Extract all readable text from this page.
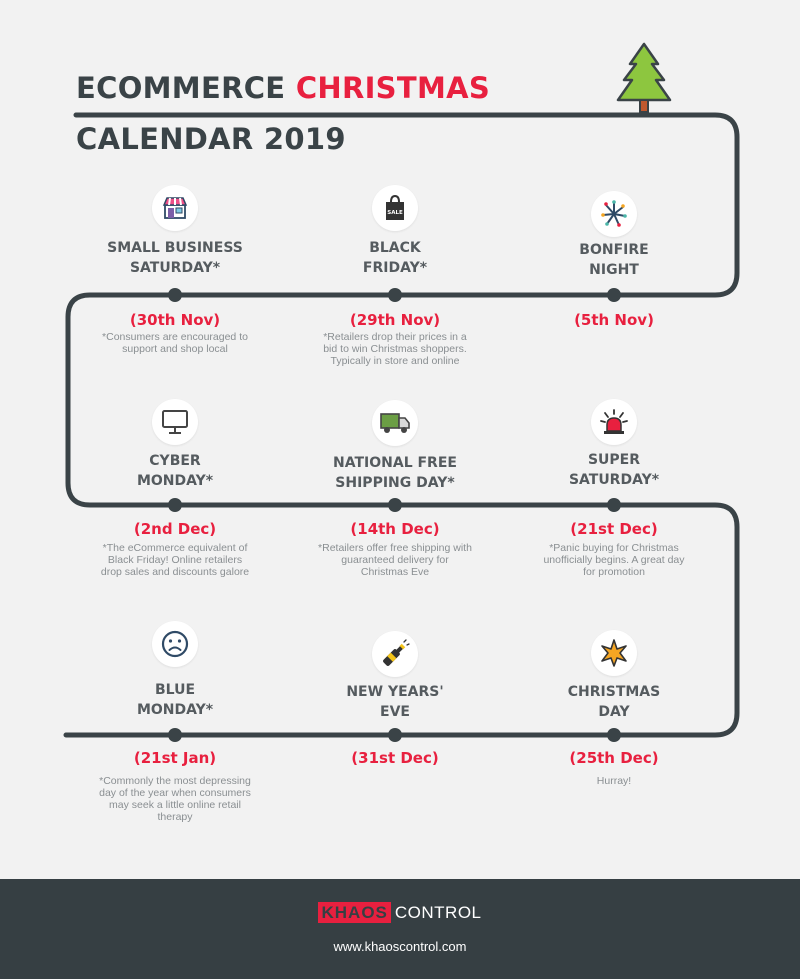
ECOMMERCE CHRISTMAS
CALENDAR 2019
SMALL BUSINESS
SATURDAY*
(30th Nov)
*Consumers are encouraged to
support and shop local
SALE
BLACK
FRIDAY*
(29th Nov)
*Retailers drop their prices in a
bid to win Christmas shoppers.
Typically in store and online
BONFIRE
NIGHT
(5th Nov)
CYBER
MONDAY*
(2nd Dec)
*The eCommerce equivalent of
Black Friday! Online retailers
drop sales and discounts galore
NATIONAL FREE
SHIPPING DAY*
(14th Dec)
*Retailers offer free shipping with
guaranteed delivery for
Christmas Eve
SUPER
SATURDAY*
(21st Dec)
*Panic buying for Christmas
unofficially begins. A great day
for promotion
BLUE
MONDAY*
(21st Jan)
*Commonly the most depressing
day of the year when consumers
may seek a little online retail
therapy
NEW YEARS'
EVE
(31st Dec)
CHRISTMAS
DAY
(25th Dec)
Hurray!
KHAOS CONTROL
www.khaoscontrol.com
